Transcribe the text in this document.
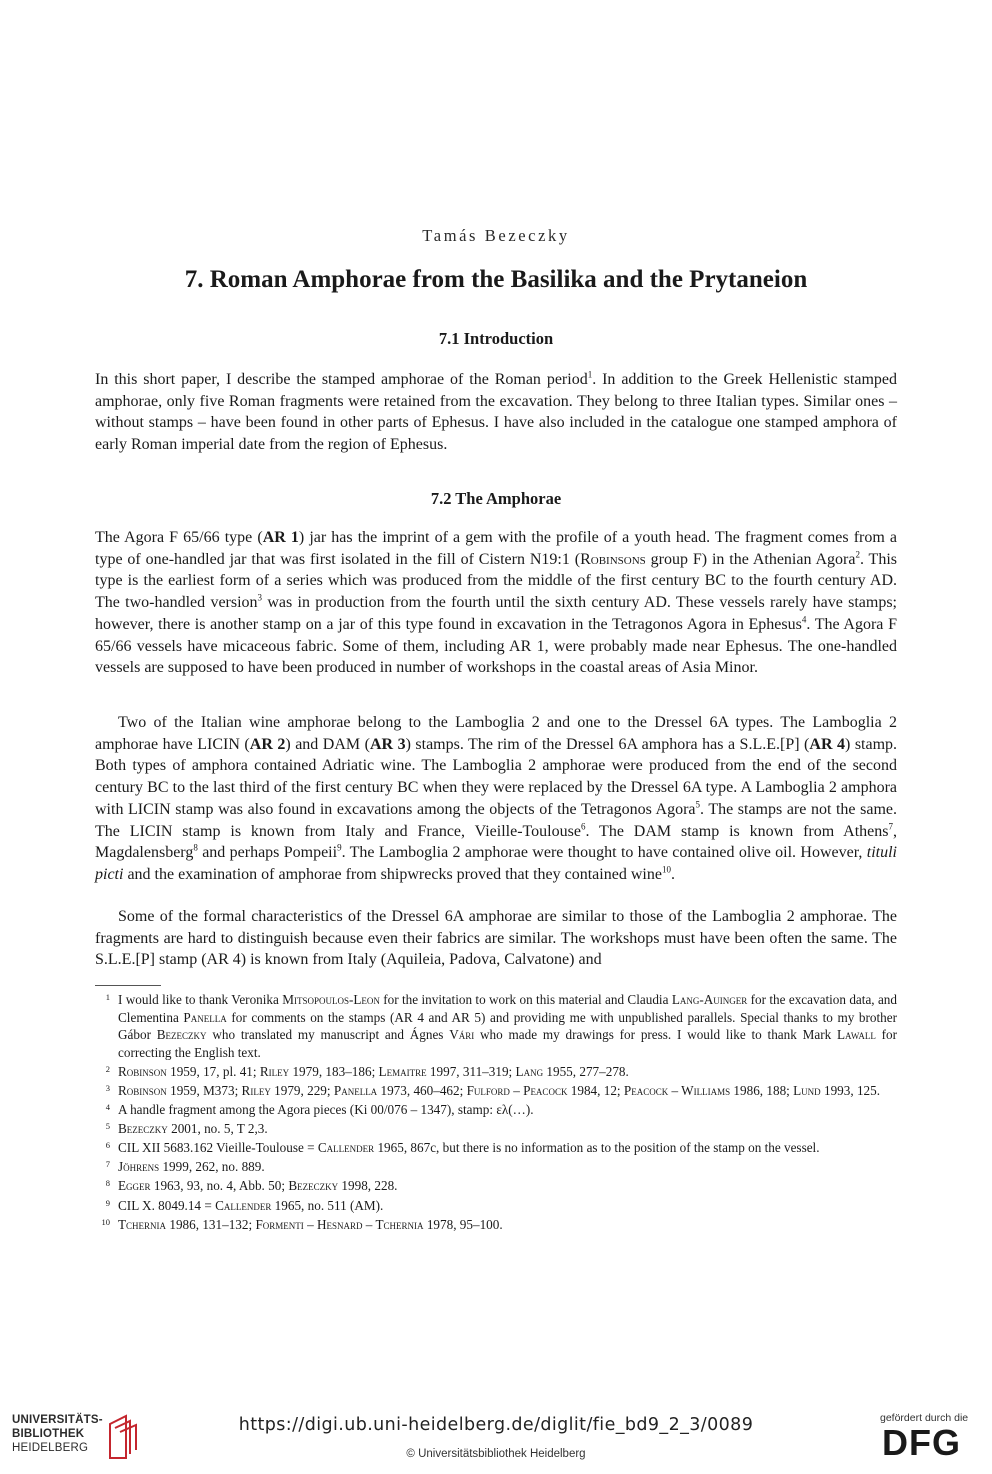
Tamás Bezeczky
7. Roman Amphorae from the Basilika and the Prytaneion
7.1 Introduction

In this short paper, I describe the stamped amphorae of the Roman period$^1$. In addition to the Greek Hellenistic stamped amphorae, only five Roman fragments were retained from the excavation. They belong to three Italian types. Similar ones – without stamps – have been found in other parts of Ephesus. I have also included in the catalogue one stamped amphora of early Roman imperial date from the region of Ephesus.

7.2 The Amphorae

The Agora F 65/66 type (AR 1) jar has the imprint of a gem with the profile of a youth head. The fragment comes from a type of one-handled jar that was first isolated in the fill of Cistern N19:1 (Robinsons group F) in the Athenian Agora$^2$. This type is the earliest form of a series which was produced from the middle of the first century BC to the fourth century AD. The two-handled version$^3$ was in production from the fourth until the sixth century AD. These vessels rarely have stamps; however, there is another stamp on a jar of this type found in excavation in the Tetragonos Agora in Ephesus$^4$. The Agora F 65/66 vessels have micaceous fabric. Some of them, including AR 1, were probably made near Ephesus. The one-handled vessels are supposed to have been produced in number of workshops in the coastal areas of Asia Minor.

Two of the Italian wine amphorae belong to the Lamboglia 2 and one to the Dressel 6A types. The Lamboglia 2 amphorae have LICIN (AR 2) and DAM (AR 3) stamps. The rim of the Dressel 6A amphora has a S.L.E.[P] (AR 4) stamp. Both types of amphora contained Adriatic wine. The Lamboglia 2 amphorae were produced from the end of the second century BC to the last third of the first century BC when they were replaced by the Dressel 6A type. A Lamboglia 2 amphora with LICIN stamp was also found in excavations among the objects of the Tetragonos Agora$^5$. The stamps are not the same. The LICIN stamp is known from Italy and France, Vieille-Toulouse$^6$. The DAM stamp is known from Athens$^7$, Magdalensberg$^8$ and perhaps Pompeii$^9$. The Lamboglia 2 amphorae were thought to have contained olive oil. However, tituli picti and the examination of amphorae from shipwrecks proved that they contained wine$^{10}$.

Some of the formal characteristics of the Dressel 6A amphorae are similar to those of the Lamboglia 2 amphorae. The fragments are hard to distinguish because even their fabrics are similar. The workshops must have been often the same. The S.L.E.[P] stamp (AR 4) is known from Italy (Aquileia, Padova, Calvatone) and

1 I would like to thank Veronika Mitsopoulos-Leon for the invitation to work on this material and Claudia Lang-Auinger for the excavation data, and Clementina Panella for comments on the stamps (AR 4 and AR 5) and providing me with unpublished parallels. Special thanks to my brother Gábor Bezeczky who translated my manuscript and Ágnes Vári who made my drawings for press. I would like to thank Mark Lawall for correcting the English text.
2 Robinson 1959, 17, pl. 41; Riley 1979, 183–186; Lemaitre 1997, 311–319; Lang 1955, 277–278.
3 Robinson 1959, M373; Riley 1979, 229; Panella 1973, 460–462; Fulford – Peacock 1984, 12; Peacock – Williams 1986, 188; Lund 1993, 125.
4 A handle fragment among the Agora pieces (Ki 00/076 – 1347), stamp: ελ(…).
5 Bezeczky 2001, no. 5, T 2,3.
6 CIL XII 5683.162 Vieille-Toulouse = Callender 1965, 867c, but there is no information as to the position of the stamp on the vessel.
7 Jöhrens 1999, 262, no. 889.
8 Egger 1963, 93, no. 4, Abb. 50; Bezeczky 1998, 228.
9 CIL X. 8049.14 = Callender 1965, no. 511 (AM).
10 Tchernia 1986, 131–132; Formenti – Hesnard – Tchernia 1978, 95–100.
UNIVERSITÄTS-
BIBLIOTHEK
HEIDELBERG
https://digi.ub.uni-heidelberg.de/diglit/fie_bd9_2_3/0089
© Universitätsbibliothek Heidelberg
gefördert durch die
DFG
